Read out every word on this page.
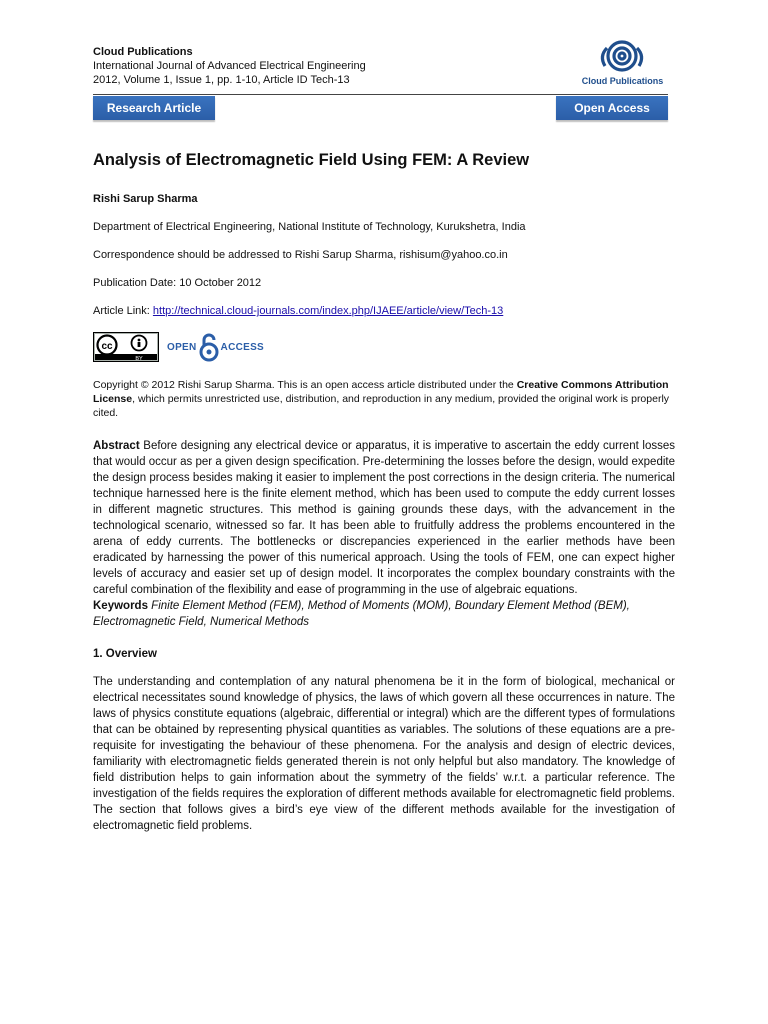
Cloud Publications
International Journal of Advanced Electrical Engineering
2012, Volume 1, Issue 1, pp. 1-10, Article ID Tech-13	Cloud Publications
Research Article	Open Access
Analysis of Electromagnetic Field Using FEM: A Review

Rishi Sarup Sharma

Department of Electrical Engineering, National Institute of Technology, Kurukshetra, India

Correspondence should be addressed to Rishi Sarup Sharma, rishisum@yahoo.co.in

Publication Date: 10 October 2012

Article Link: http://technical.cloud-journals.com/index.php/IJAEE/article/view/Tech-13

cc
BY
OPEN ACCESS

Copyright © 2012 Rishi Sarup Sharma. This is an open access article distributed under the Creative Commons Attribution License, which permits unrestricted use, distribution, and reproduction in any medium, provided the original work is properly cited.

Abstract Before designing any electrical device or apparatus, it is imperative to ascertain the eddy current losses that would occur as per a given design specification. Pre-determining the losses before the design, would expedite the design process besides making it easier to implement the post corrections in the design criteria. The numerical technique harnessed here is the finite element method, which has been used to compute the eddy current losses in different magnetic structures. This method is gaining grounds these days, with the advancement in the technological scenario, witnessed so far. It has been able to fruitfully address the problems encountered in the arena of eddy currents. The bottlenecks or discrepancies experienced in the earlier methods have been eradicated by harnessing the power of this numerical approach. Using the tools of FEM, one can expect higher levels of accuracy and easier set up of design model. It incorporates the complex boundary constraints with the careful combination of the flexibility and ease of programming in the use of algebraic equations.

Keywords Finite Element Method (FEM), Method of Moments (MOM), Boundary Element Method (BEM), Electromagnetic Field, Numerical Methods

1. Overview

The understanding and contemplation of any natural phenomena be it in the form of biological, mechanical or electrical necessitates sound knowledge of physics, the laws of which govern all these occurrences in nature. The laws of physics constitute equations (algebraic, differential or integral) which are the different types of formulations that can be obtained by representing physical quantities as variables. The solutions of these equations are a pre-requisite for investigating the behaviour of these phenomena. For the analysis and design of electric devices, familiarity with electromagnetic fields generated therein is not only helpful but also mandatory. The knowledge of field distribution helps to gain information about the symmetry of the fields’ w.r.t. a particular reference. The investigation of the fields requires the exploration of different methods available for electromagnetic field problems. The section that follows gives a bird’s eye view of the different methods available for the investigation of electromagnetic field problems.
